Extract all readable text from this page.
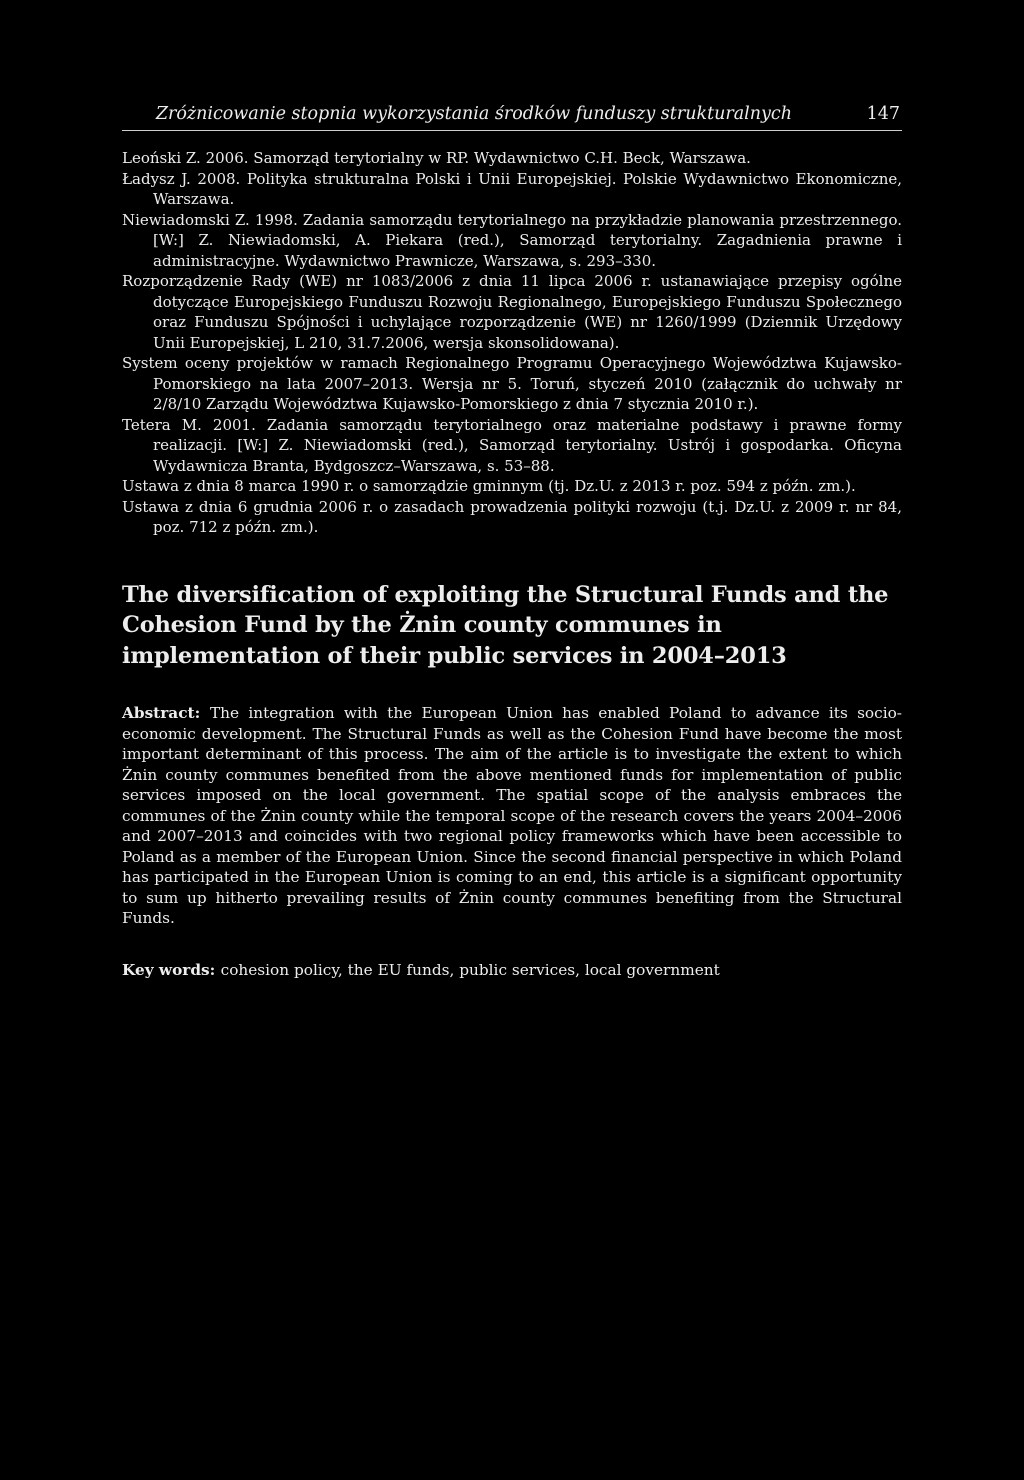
Zróżnicowanie stopnia wykorzystania środków funduszy strukturalnych	147
Leoński Z. 2006. Samorząd terytorialny w RP. Wydawnictwo C.H. Beck, Warszawa.
Ładysz J. 2008. Polityka strukturalna Polski i Unii Europejskiej. Polskie Wydawnictwo Ekonomiczne, Warszawa.
Niewiadomski Z. 1998. Zadania samorządu terytorialnego na przykładzie planowania przestrzennego. [W:] Z. Niewiadomski, A. Piekara (red.), Samorząd terytorialny. Zagadnienia prawne i administracyjne. Wydawnictwo Prawnicze, Warszawa, s. 293–330.
Rozporządzenie Rady (WE) nr 1083/2006 z dnia 11 lipca 2006 r. ustanawiające przepisy ogólne dotyczące Europejskiego Funduszu Rozwoju Regionalnego, Europejskiego Funduszu Społecznego oraz Funduszu Spójności i uchylające rozporządzenie (WE) nr 1260/1999 (Dziennik Urzędowy Unii Europejskiej, L 210, 31.7.2006, wersja skonsolidowana).
System oceny projektów w ramach Regionalnego Programu Operacyjnego Województwa Kujawsko-Pomorskiego na lata 2007–2013. Wersja nr 5. Toruń, styczeń 2010 (załącznik do uchwały nr 2/8/10 Zarządu Województwa Kujawsko-Pomorskiego z dnia 7 stycznia 2010 r.).
Tetera M. 2001. Zadania samorządu terytorialnego oraz materialne podstawy i prawne formy realizacji. [W:] Z. Niewiadomski (red.), Samorząd terytorialny. Ustrój i gospodarka. Oficyna Wydawnicza Branta, Bydgoszcz–Warszawa, s. 53–88.
Ustawa z dnia 8 marca 1990 r. o samorządzie gminnym (tj. Dz.U. z 2013 r. poz. 594 z późn. zm.).
Ustawa z dnia 6 grudnia 2006 r. o zasadach prowadzenia polityki rozwoju (t.j. Dz.U. z 2009 r. nr 84, poz. 712 z późn. zm.).
The diversification of exploiting the Structural Funds and the Cohesion Fund by the Żnin county communes in implementation of their public services in 2004–2013
Abstract: The integration with the European Union has enabled Poland to advance its socio-economic development. The Structural Funds as well as the Cohesion Fund have become the most important determinant of this process. The aim of the article is to investigate the extent to which Żnin county communes benefited from the above mentioned funds for implementation of public services imposed on the local government. The spatial scope of the analysis embraces the communes of the Żnin county while the temporal scope of the research covers the years 2004–2006 and 2007–2013 and coincides with two regional policy frameworks which have been accessible to Poland as a member of the European Union. Since the second financial perspective in which Poland has participated in the European Union is coming to an end, this article is a significant opportunity to sum up hitherto prevailing results of Żnin county communes benefiting from the Structural Funds.
Key words: cohesion policy, the EU funds, public services, local government
